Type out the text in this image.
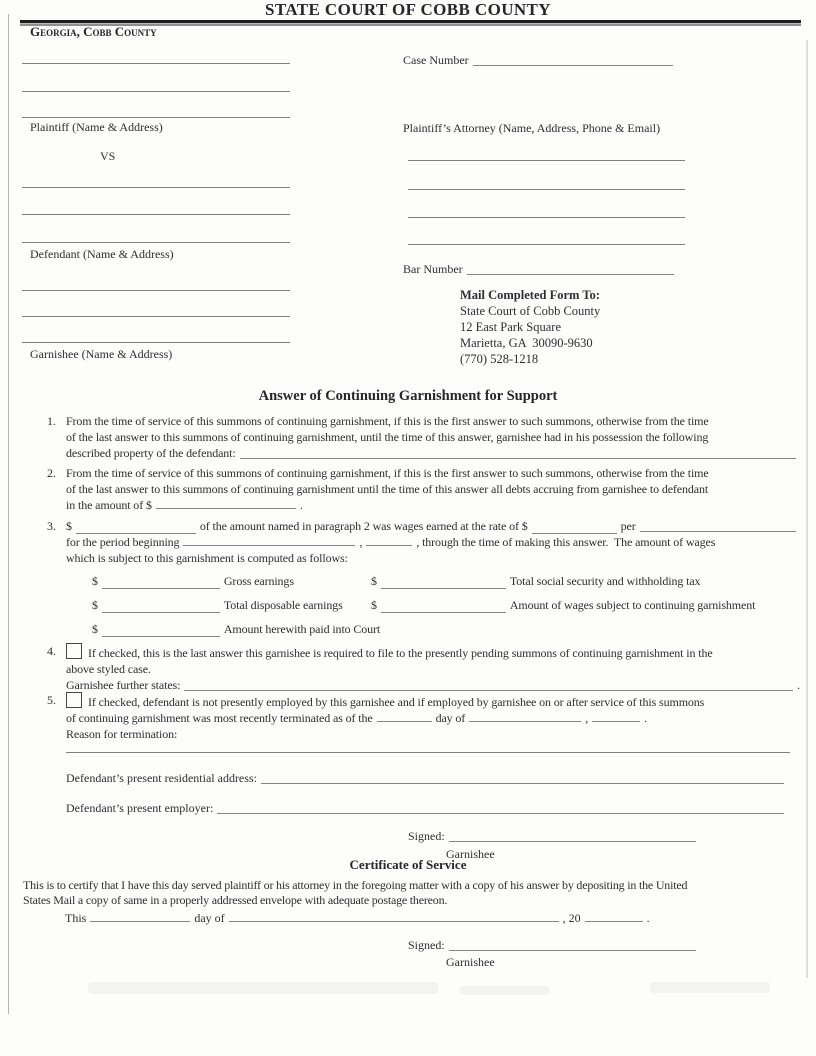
STATE COURT OF COBB COUNTY
Georgia, Cobb County
Plaintiff (Name & Address)
VS
Defendant (Name & Address)
Garnishee (Name & Address)
Case Number
Plaintiff’s Attorney (Name, Address, Phone & Email)
Bar Number
Mail Completed Form To:
State Court of Cobb County
12 East Park Square
Marietta, GA  30090-9630
(770) 528-1218
Answer of Continuing Garnishment for Support
1. From the time of service of this summons of continuing garnishment, if this is the first answer to such summons, otherwise from the time
of the last answer to this summons of continuing garnishment, until the time of this answer, garnishee had in his possession the following
described property of the defendant:
2. From the time of service of this summons of continuing garnishment, if this is the first answer to such summons, otherwise from the time
of the last answer to this summons of continuing garnishment until the time of this answer all debts accruing from garnishee to defendant
in the amount of $	.
3. $	of the amount named in paragraph 2 was wages earned at the rate of $	per
for the period beginning	,	, through the time of making this answer.  The amount of wages
which is subject to this garnishment is computed as follows:
$	Gross earnings	$	Total social security and withholding tax
$	Total disposable earnings $	Amount of wages subject to continuing garnishment
$	Amount herewith paid into Court
4.	If checked, this is the last answer this garnishee is required to file to the presently pending summons of continuing garnishment in the
above styled case.
Garnishee further states:	.
5.	If checked, defendant is not presently employed by this garnishee and if employed by garnishee on or after service of this summons
of continuing garnishment was most recently terminated as of the	day of	,	.
Reason for termination:
Defendant’s present residential address:
Defendant’s present employer:
Signed:
Garnishee
Certificate of Service
This is to certify that I have this day served plaintiff or his attorney in the foregoing matter with a copy of his answer by depositing in the United
States Mail a copy of same in a properly addressed envelope with adequate postage thereon.
This	day of	, 20	.
Signed:
Garnishee
